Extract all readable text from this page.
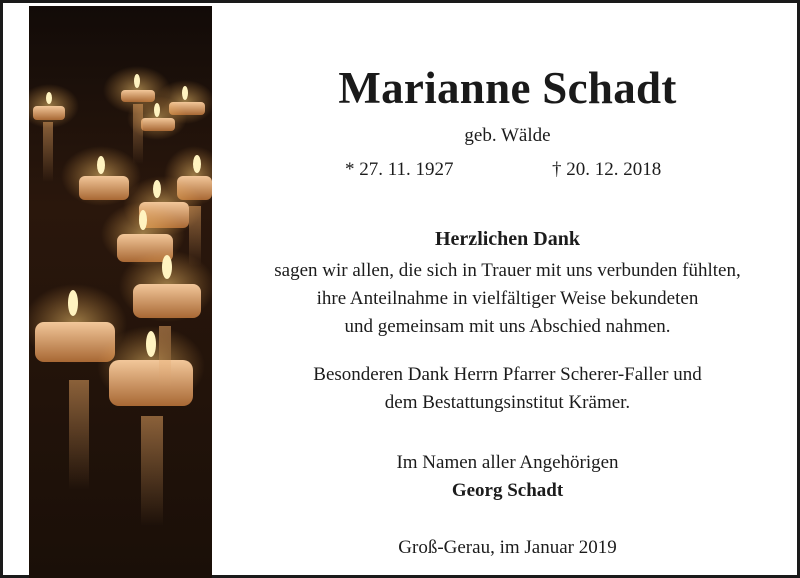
Marianne Schadt
geb. Wälde
* 27. 11. 1927	† 20. 12. 2018
Herzlichen Dank
sagen wir allen, die sich in Trauer mit uns verbunden fühlten,
ihre Anteilnahme in vielfältiger Weise bekundeten
und gemeinsam mit uns Abschied nahmen.
Besonderen Dank Herrn Pfarrer Scherer-Faller und
dem Bestattungsinstitut Krämer.
Im Namen aller Angehörigen
Georg Schadt
Groß-Gerau, im Januar 2019
